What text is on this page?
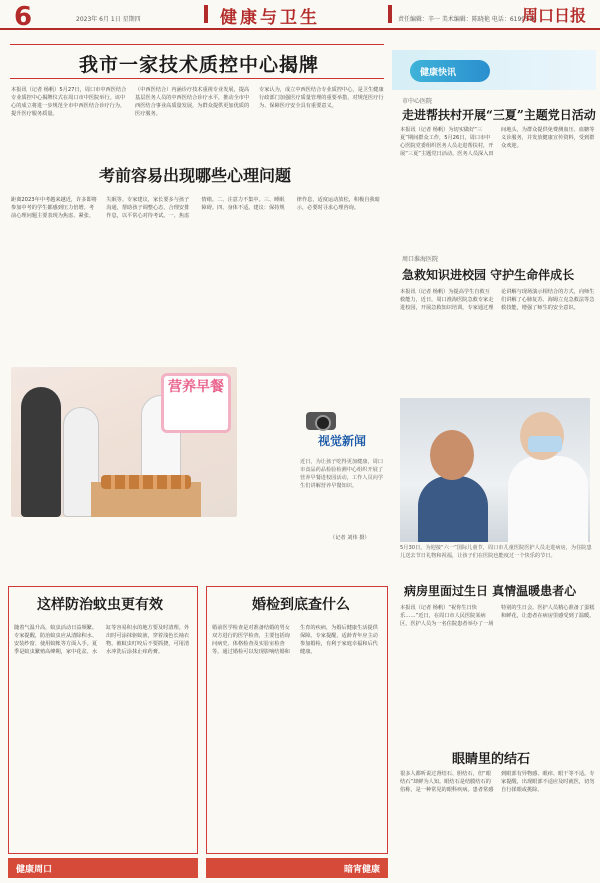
6	2023年 6月 1日 星期四	健康与卫生	责任编辑：辛一 美术编辑：陈晓艳 电话：6199516
周口日报
我市一家技术质控中心揭牌
本报讯（记者 杨帆）5月27日，周口市中西医结合专业质控中心揭牌仪式在周口市中医院举行。该中心的成立将进一步规范全市中西医结合诊疗行为，提升医疗服务质量。
（中西医结合）内涵诊疗技术重视专业发展，提高基层医务人员的中西医结合诊疗水平，推动全市中西医结合事业高质量发展，为群众提供更加优质的医疗服务。
专家认为，成立中西医结合专业质控中心，是卫生健康行政部门加强医疗质量管理的重要举措，对规范医疗行为、保障医疗安全具有重要意义。
考前容易出现哪些心理问题
距离2023年中考越来越近，许多即将参加中考的学生都感到压力倍增。考前心理问题主要表现为焦虑、紧张、失眠等。专家建议，家长要多与孩子沟通，帮助孩子调整心态，合理安排作息，以平常心对待考试。一、焦虑情绪。二、注意力不集中。三、睡眠障碍。四、身体不适。建议：保持规律作息，适度运动放松，积极自我暗示，必要时寻求心理咨询。
营养早餐
视觉新闻
近日，为让孩子吃得更加健康，周口市食品药品检验检测中心组织开展了营养早餐进校园活动，工作人员向学生们讲解营养早餐知识。
（记者 刘伟 摄）
这样防治蚊虫更有效
随着气温升高，蚊虫活动日益频繁。专家提醒，防治蚊虫应从清除积水、安装纱窗、使用蚊帐等方面入手。夏季是蚊虫繁殖高峰期，家中花盆、水缸等容易积水的地方要及时清理。外出时可涂抹驱蚊液，穿着浅色长袖衣物。被蚊虫叮咬后不要抓挠，可用清水冲洗后涂抹止痒药膏。
婚检到底查什么
婚前医学检查是对准备结婚的男女双方进行的医学检查，主要包括询问病史、体格检查及实验室检查等。通过婚检可以发现影响结婚和生育的疾病，为婚后健康生活提供保障。专家提醒，适龄青年应主动参加婚检，有利于家庭幸福和后代健康。
健康周口	暗宵健康
健康快讯
市中心医院
走进帮扶村开展“三夏”主题党日活动
本报讯（记者 杨帆）为切实做好“三夏”期间群众工作，5月26日，周口市中心医院党委组织医务人员走进帮扶村，开展“三夏”主题党日活动。医务人员深入田间地头，为群众提供免费测血压、血糖等义诊服务，并发放健康宣传资料，受到群众欢迎。
周口淮海医院
急救知识进校园 守护生命伴成长
本报讯（记者 杨帆）为提高学生自救互救能力，近日，周口淮海医院急救专家走进校园，开展急救知识培训。专家通过理论讲解与现场演示相结合的方式，向师生们讲解了心肺复苏、海姆立克急救法等急救技能，增强了师生的安全意识。
5月30日，为迎接“六一”国际儿童节，周口市儿童医院医护人员走进病房，为住院患儿送去节日礼物和祝福，让孩子们在医院也能度过一个快乐的节日。
病房里面过生日 真情温暖患者心
本报讯（记者 杨帆）“祝你生日快乐……”近日，在周口市人民医院某病区，医护人员为一名住院患者举办了一场特别的生日会。医护人员精心准备了蛋糕和鲜花，让患者在病房里感受到了温暖。
眼睛里的结石
很多人都听说过肾结石、胆结石，但“眼结石”却鲜为人知。眼结石是结膜结石的俗称，是一种常见的眼科疾病。患者常感到眼部有异物感、眼痒、眼干等不适。专家提醒，出现眼部不适应及时就医，切勿自行揉眼或挑除。
